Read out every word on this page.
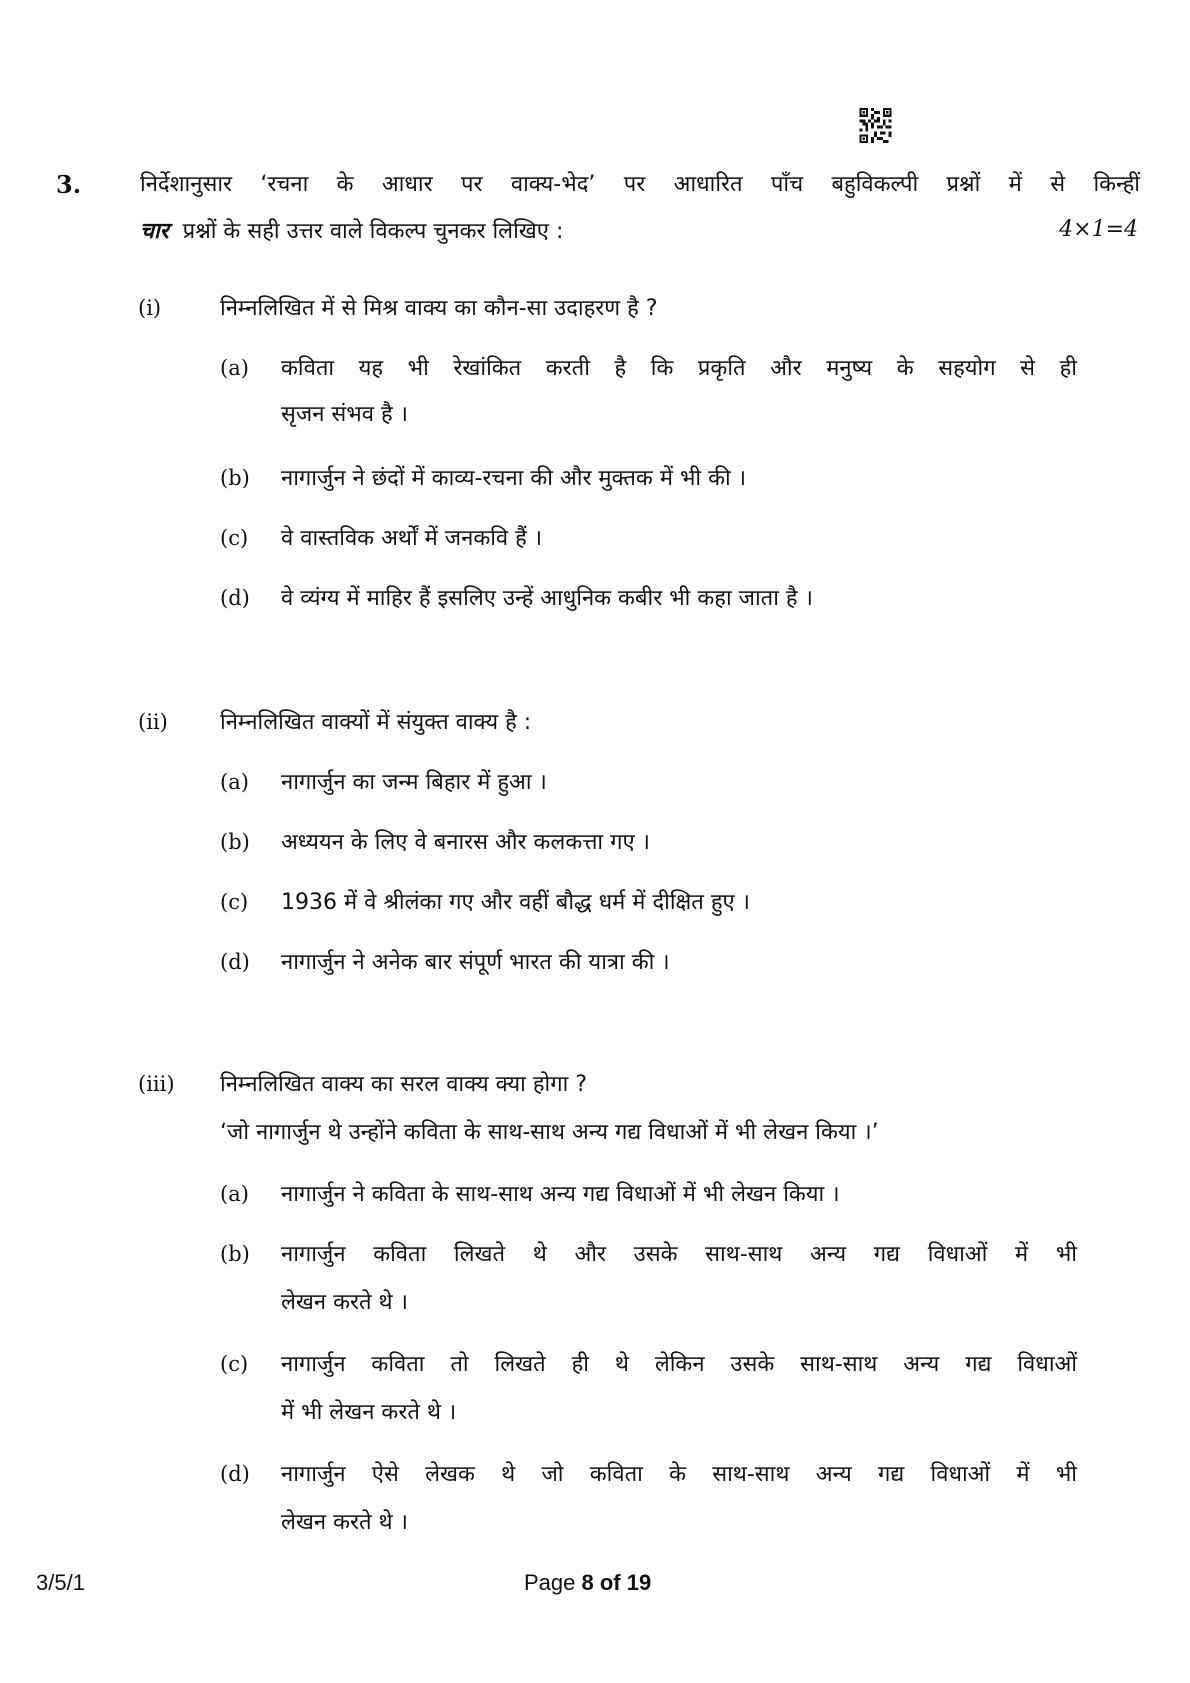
3.	निर्देशानुसार ‘रचना के आधार पर वाक्य-भेद’ पर आधारित पाँच बहुविकल्पी प्रश्नों में से किन्हीं
चार प्रश्नों के सही उत्तर वाले विकल्प चुनकर लिखिए :	4×1=4
(i)	निम्नलिखित में से मिश्र वाक्य का कौन-सा उदाहरण है ?
(a) कविता यह भी रेखांकित करती है कि प्रकृति और मनुष्य के सहयोग से ही
सृजन संभव है ।
(b) नागार्जुन ने छंदों में काव्य-रचना की और मुक्तक में भी की ।
(c) वे वास्तविक अर्थों में जनकवि हैं ।
(d) वे व्यंग्य में माहिर हैं इसलिए उन्हें आधुनिक कबीर भी कहा जाता है ।
(ii) निम्नलिखित वाक्यों में संयुक्त वाक्य है :
(a) नागार्जुन का जन्म बिहार में हुआ ।
(b) अध्ययन के लिए वे बनारस और कलकत्ता गए ।
(c) 1936 में वे श्रीलंका गए और वहीं बौद्ध धर्म में दीक्षित हुए ।
(d) नागार्जुन ने अनेक बार संपूर्ण भारत की यात्रा की ।
(iii) निम्नलिखित वाक्य का सरल वाक्य क्या होगा ?
‘जो नागार्जुन थे उन्होंने कविता के साथ-साथ अन्य गद्य विधाओं में भी लेखन किया ।’
(a) नागार्जुन ने कविता के साथ-साथ अन्य गद्य विधाओं में भी लेखन किया ।
(b) नागार्जुन कविता लिखते थे और उसके साथ-साथ अन्य गद्य विधाओं में भी
लेखन करते थे ।
(c) नागार्जुन कविता तो लिखते ही थे लेकिन उसके साथ-साथ अन्य गद्य विधाओं
में भी लेखन करते थे ।
(d) नागार्जुन ऐसे लेखक थे जो कविता के साथ-साथ अन्य गद्य विधाओं में भी
लेखन करते थे ।
3/5/1	Page 8 of 19
